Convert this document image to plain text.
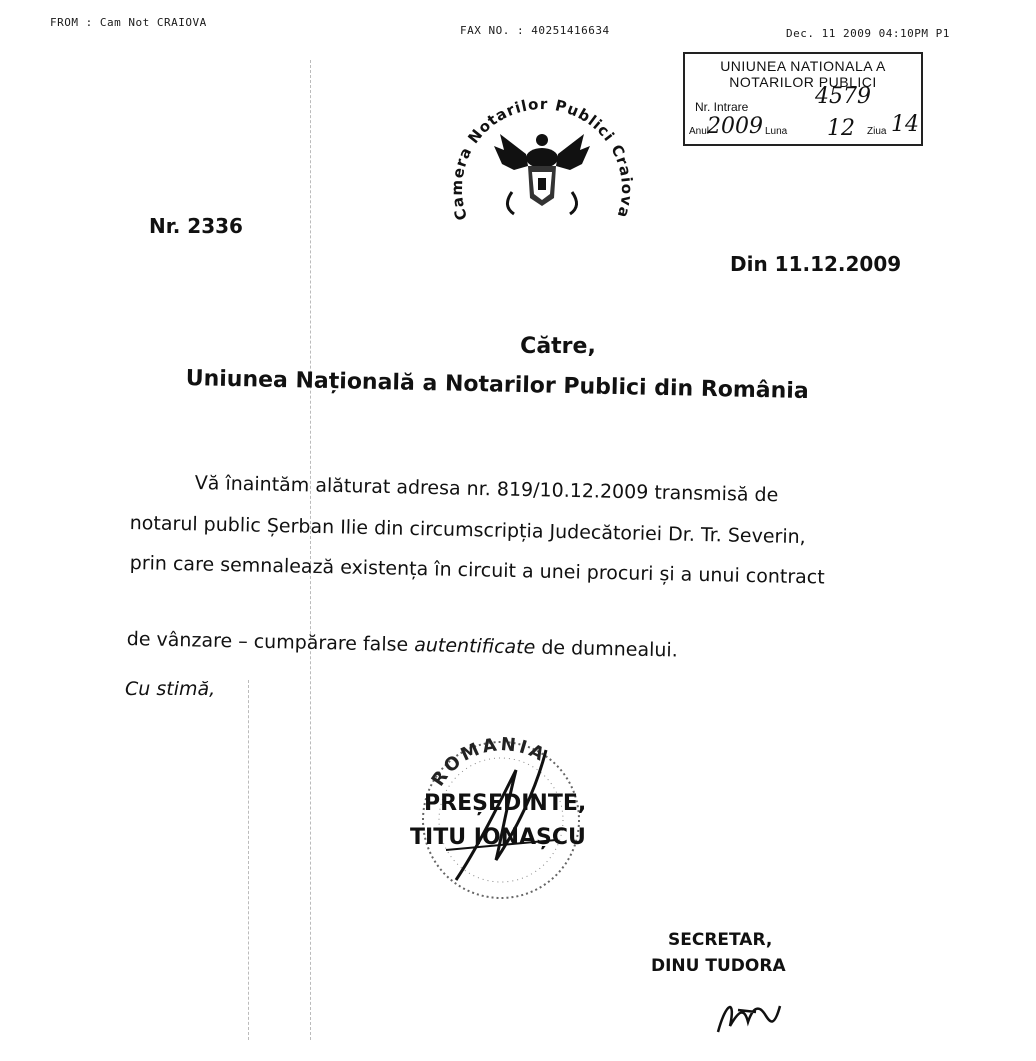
FROM : Cam Not CRAIOVA
FAX NO. : 40251416634	Dec. 11 2009 04:10PM P1
UNIUNEA NATIONALA A
NOTARILOR PUBLICI
Nr. Intrare	4579
Anul
2009 Luna 12 Ziua 14
Camera Notarilor Publici Craiova
Nr. 2336
Din 11.12.2009
Către,
Uniunea Națională a Notarilor Publici din România
Vă înaintăm alăturat adresa nr. 819/10.12.2009 transmisă de
notarul public Șerban Ilie din circumscripția Judecătoriei Dr. Tr. Severin,
prin care semnalează existența în circuit a unei procuri și a unui contract
de vânzare – cumpărare false autentificate de dumnealui.
Cu stimă,
ROMANIA
PREȘEDINTE,
TITU IONAȘCU
SECRETAR,
DINU TUDORA
